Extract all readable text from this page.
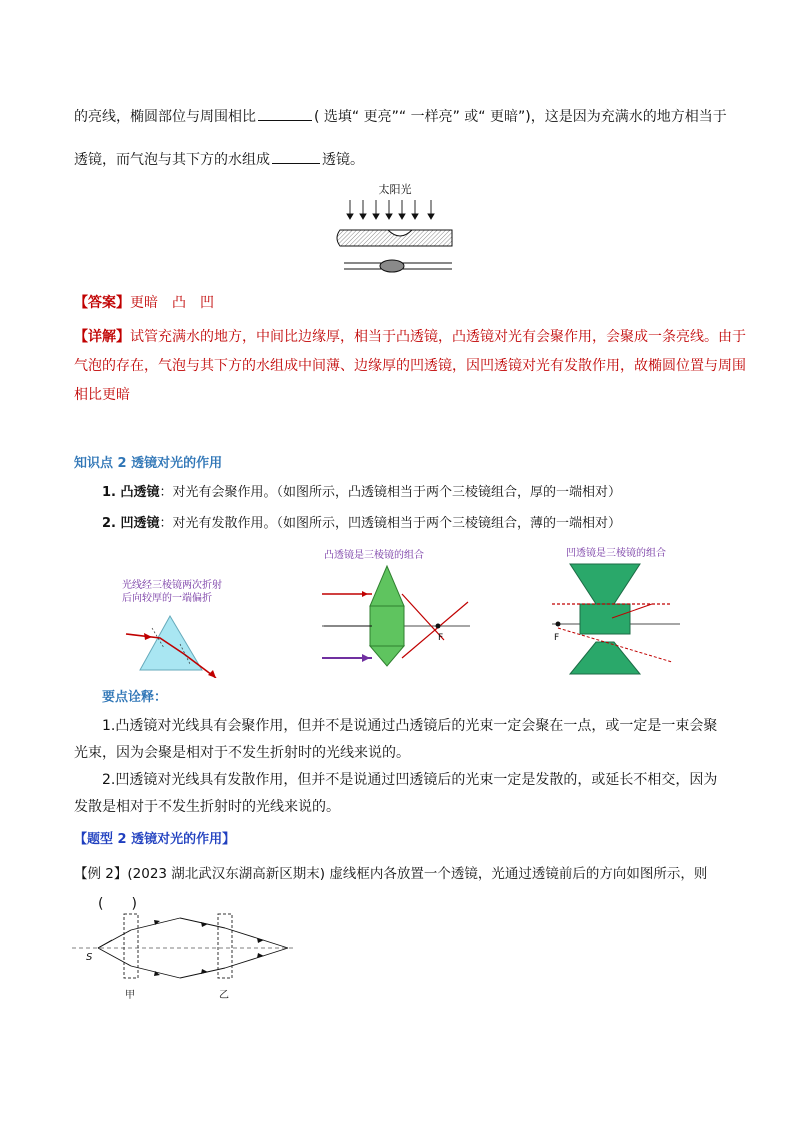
的亮线，椭圆部位与周围相比	( 选填“ 更亮”“ 一样亮” 或“ 更暗”)，这是因为充满水的地方相当于
透镜，而气泡与其下方的水组成	透镜。
太阳光
【答案】更暗　凸　凹
【详解】试管充满水的地方，中间比边缘厚，相当于凸透镜，凸透镜对光有会聚作用，会聚成一条亮线。由于
气泡的存在，气泡与其下方的水组成中间薄、边缘厚的凹透镜，因凹透镜对光有发散作用，故椭圆位置与周围
相比更暗
知识点 2 透镜对光的作用
1. 凸透镜：对光有会聚作用。（如图所示，凸透镜相当于两个三棱镜组合，厚的一端相对）
2. 凹透镜：对光有发散作用。（如图所示，凹透镜相当于两个三棱镜组合，薄的一端相对）
光线经三棱镜两次折射
后向较厚的一端偏折
凸透镜是三棱镜的组合
F
凹透镜是三棱镜的组合
F
要点诠释：
1.凸透镜对光线具有会聚作用，但并不是说通过凸透镜后的光束一定会聚在一点，或一定是一束会聚
光束，因为会聚是相对于不发生折射时的光线来说的。
2.凹透镜对光线具有发散作用，但并不是说通过凹透镜后的光束一定是发散的，或延长不相交，因为
发散是相对于不发生折射时的光线来说的。
【题型 2 透镜对光的作用】
【例 2】(2023 湖北武汉东湖高新区期末) 虚线框内各放置一个透镜，光通过透镜前后的方向如图所示，则
(　　)
S
甲	乙
